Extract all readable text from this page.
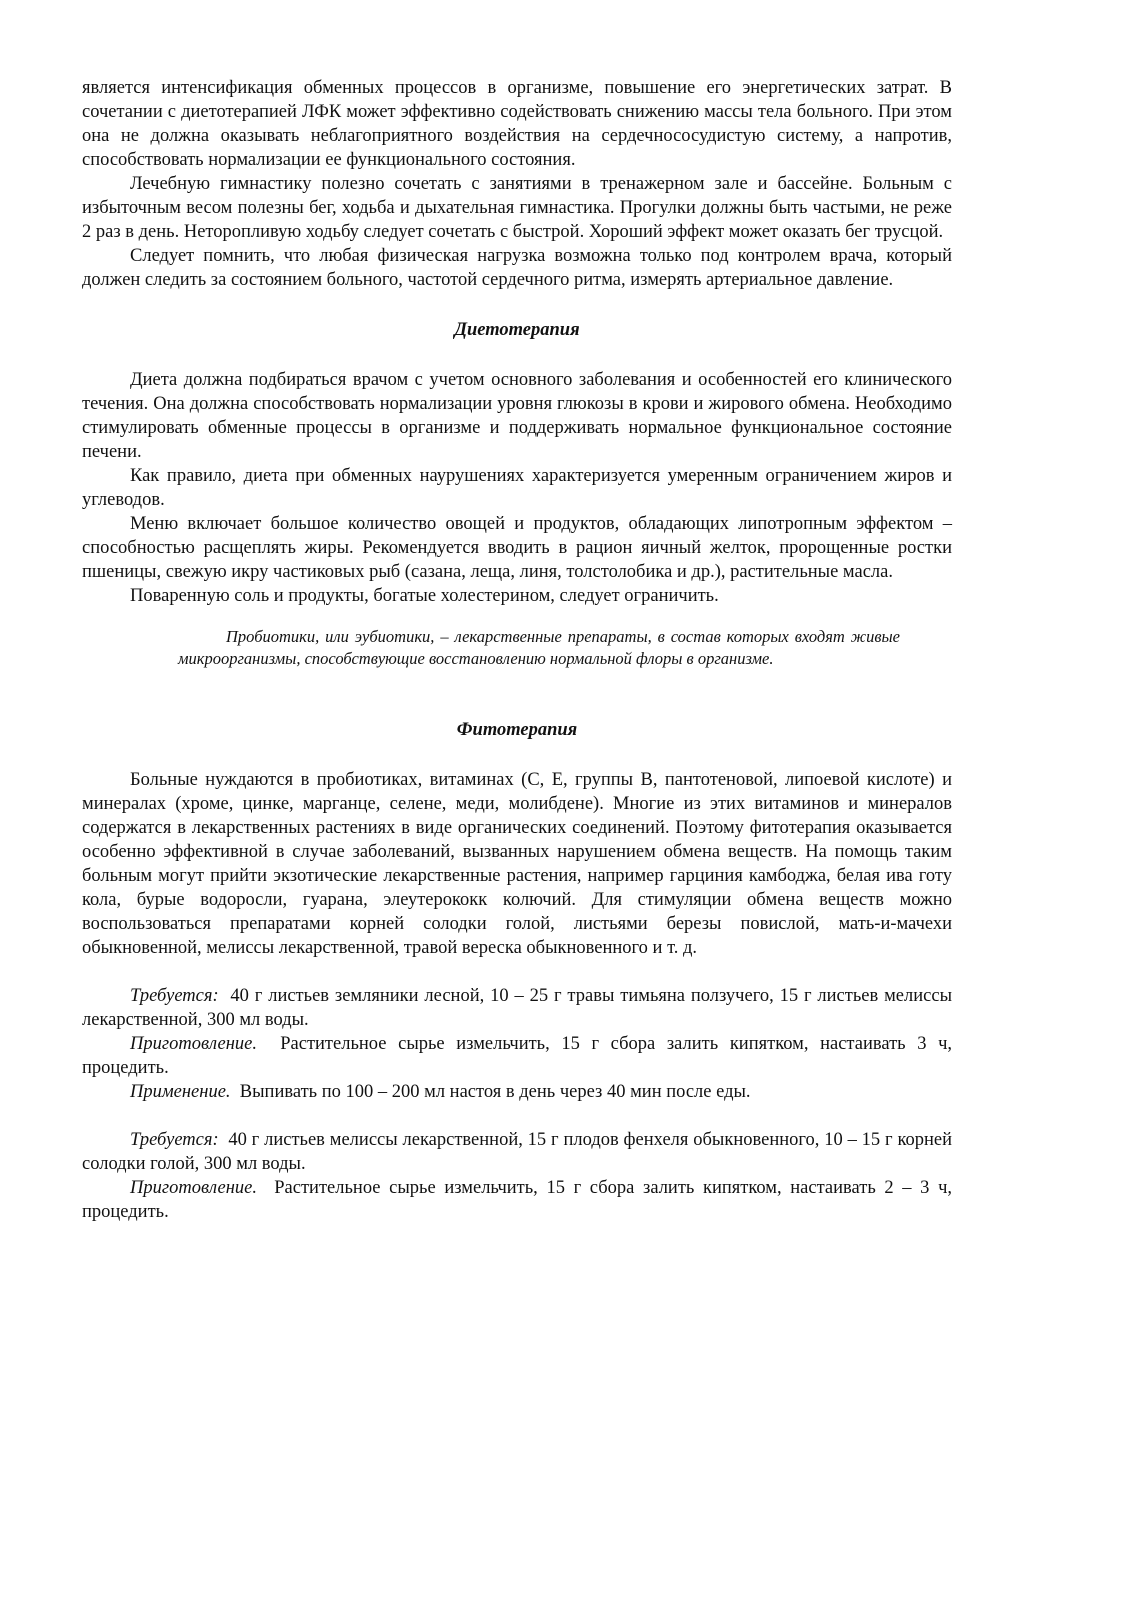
является интенсификация обменных процессов в организме, повышение его энергетических затрат. В сочетании с диетотерапией ЛФК может эффективно содействовать снижению массы тела больного. При этом она не должна оказывать неблагоприятного воздействия на сердечнососудистую систему, а напротив, способствовать нормализации ее функционального состояния.

Лечебную гимнастику полезно сочетать с занятиями в тренажерном зале и бассейне. Больным с избыточным весом полезны бег, ходьба и дыхательная гимнастика. Прогулки должны быть частыми, не реже 2 раз в день. Неторопливую ходьбу следует сочетать с быстрой. Хороший эффект может оказать бег трусцой.

Следует помнить, что любая физическая нагрузка возможна только под контролем врача, который должен следить за состоянием больного, частотой сердечного ритма, измерять артериальное давление.

Диетотерапия

Диета должна подбираться врачом с учетом основного заболевания и особенностей его клинического течения. Она должна способствовать нормализации уровня глюкозы в крови и жирового обмена. Необходимо стимулировать обменные процессы в организме и поддерживать нормальное функциональное состояние печени.

Как правило, диета при обменных наурушениях характеризуется умеренным ограничением жиров и углеводов.

Меню включает большое количество овощей и продуктов, обладающих липотропным эффектом – способностью расщеплять жиры. Рекомендуется вводить в рацион яичный желток, пророщенные ростки пшеницы, свежую икру частиковых рыб (сазана, леща, линя, толстолобика и др.), растительные масла.

Поваренную соль и продукты, богатые холестерином, следует ограничить.

Пробиотики, или эубиотики, – лекарственные препараты, в состав которых входят живые микроорганизмы, способствующие восстановлению нормальной флоры в организме.

Фитотерапия

Больные нуждаются в пробиотиках, витаминах (С, Е, группы В, пантотеновой, липоевой кислоте) и минералах (хроме, цинке, марганце, селене, меди, молибдене). Многие из этих витаминов и минералов содержатся в лекарственных растениях в виде органических соединений. Поэтому фитотерапия оказывается особенно эффективной в случае заболеваний, вызванных нарушением обмена веществ. На помощь таким больным могут прийти экзотические лекарственные растения, например гарциния камбоджа, белая ива готу кола, бурые водоросли, гуарана, элеутерококк колючий. Для стимуляции обмена веществ можно воспользоваться препаратами корней солодки голой, листьями березы повислой, мать-и-мачехи обыкновенной, мелиссы лекарственной, травой вереска обыкновенного и т. д.

Требуется: 40 г листьев земляники лесной, 10 – 25 г травы тимьяна ползучего, 15 г листьев мелиссы лекарственной, 300 мл воды.

Приготовление. Растительное сырье измельчить, 15 г сбора залить кипятком, настаивать 3 ч, процедить.

Применение. Выпивать по 100 – 200 мл настоя в день через 40 мин после еды.

Требуется: 40 г листьев мелиссы лекарственной, 15 г плодов фенхеля обыкновенного, 10 – 15 г корней солодки голой, 300 мл воды.

Приготовление. Растительное сырье измельчить, 15 г сбора залить кипятком, настаивать 2 – 3 ч, процедить.
